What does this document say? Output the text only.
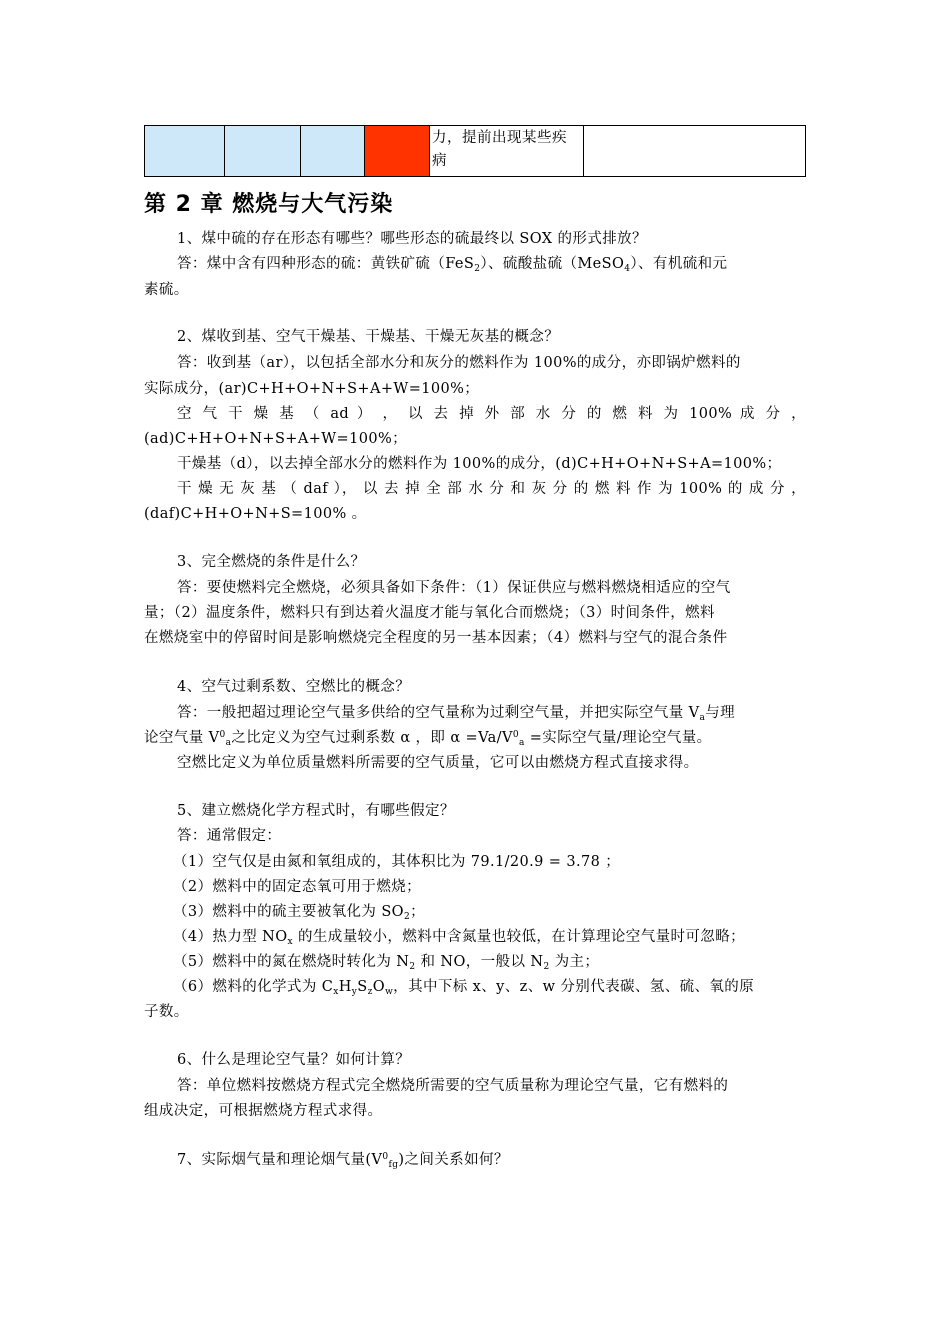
力，提前出现某些疾
病

第 2 章 燃烧与大气污染
1、煤中硫的存在形态有哪些？哪些形态的硫最终以 SOX 的形式排放？
答：煤中含有四种形态的硫：黄铁矿硫（FeS$_2$）、硫酸盐硫（MeSO$_4$）、有机硫和元
素硫。
2、煤收到基、空气干燥基、干燥基、干燥无灰基的概念？
答：收到基（ar），以包括全部水分和灰分的燃料作为 100%的成分，亦即锅炉燃料的
实际成分，(ar)C+H+O+N+S+A+W=100%；
空 气 干 燥 基 （ ad ） ， 以 去 掉 外 部 水 分 的 燃 料 为 100% 成 分 ，
(ad)C+H+O+N+S+A+W=100%；
干燥基（d），以去掉全部水分的燃料作为 100%的成分，(d)C+H+O+N+S+A=100%；
干 燥 无 灰 基 （ daf ）， 以 去 掉 全 部 水 分 和 灰 分 的 燃 料 作 为 100% 的 成 分 ，
(daf)C+H+O+N+S=100% 。
3、完全燃烧的条件是什么？
答：要使燃料完全燃烧，必须具备如下条件：（1）保证供应与燃料燃烧相适应的空气
量；（2）温度条件，燃料只有到达着火温度才能与氧化合而燃烧；（3）时间条件，燃料
在燃烧室中的停留时间是影响燃烧完全程度的另一基本因素；（4）燃料与空气的混合条件
4、空气过剩系数、空燃比的概念？
答：一般把超过理论空气量多供给的空气量称为过剩空气量，并把实际空气量 $V_a$与理
论空气量 $V^0_a$之比定义为空气过剩系数 α ，即 $\alpha =Va/V^0_a$ =实际空气量/理论空气量。
空燃比定义为单位质量燃料所需要的空气质量，它可以由燃烧方程式直接求得。
5、建立燃烧化学方程式时，有哪些假定？
答：通常假定：
（1）空气仅是由氮和氧组成的，其体积比为 79.1/20.9 = 3.78 ；
（2）燃料中的固定态氧可用于燃烧；
（3）燃料中的硫主要被氧化为 $SO_2$；
（4）热力型 $NO_x$ 的生成量较小，燃料中含氮量也较低，在计算理论空气量时可忽略；
（5）燃料中的氮在燃烧时转化为 $N_2$ 和 NO，一般以 $N_2$ 为主；
（6）燃料的化学式为 $C_xH_yS_zO_w$，其中下标 x、y、z、w 分别代表碳、氢、硫、氧的原
子数。
6、什么是理论空气量？如何计算？
答：单位燃料按燃烧方程式完全燃烧所需要的空气质量称为理论空气量，它有燃料的
组成决定，可根据燃烧方程式求得。
7、实际烟气量和理论烟气量$(V^0_{fg})$之间关系如何？
